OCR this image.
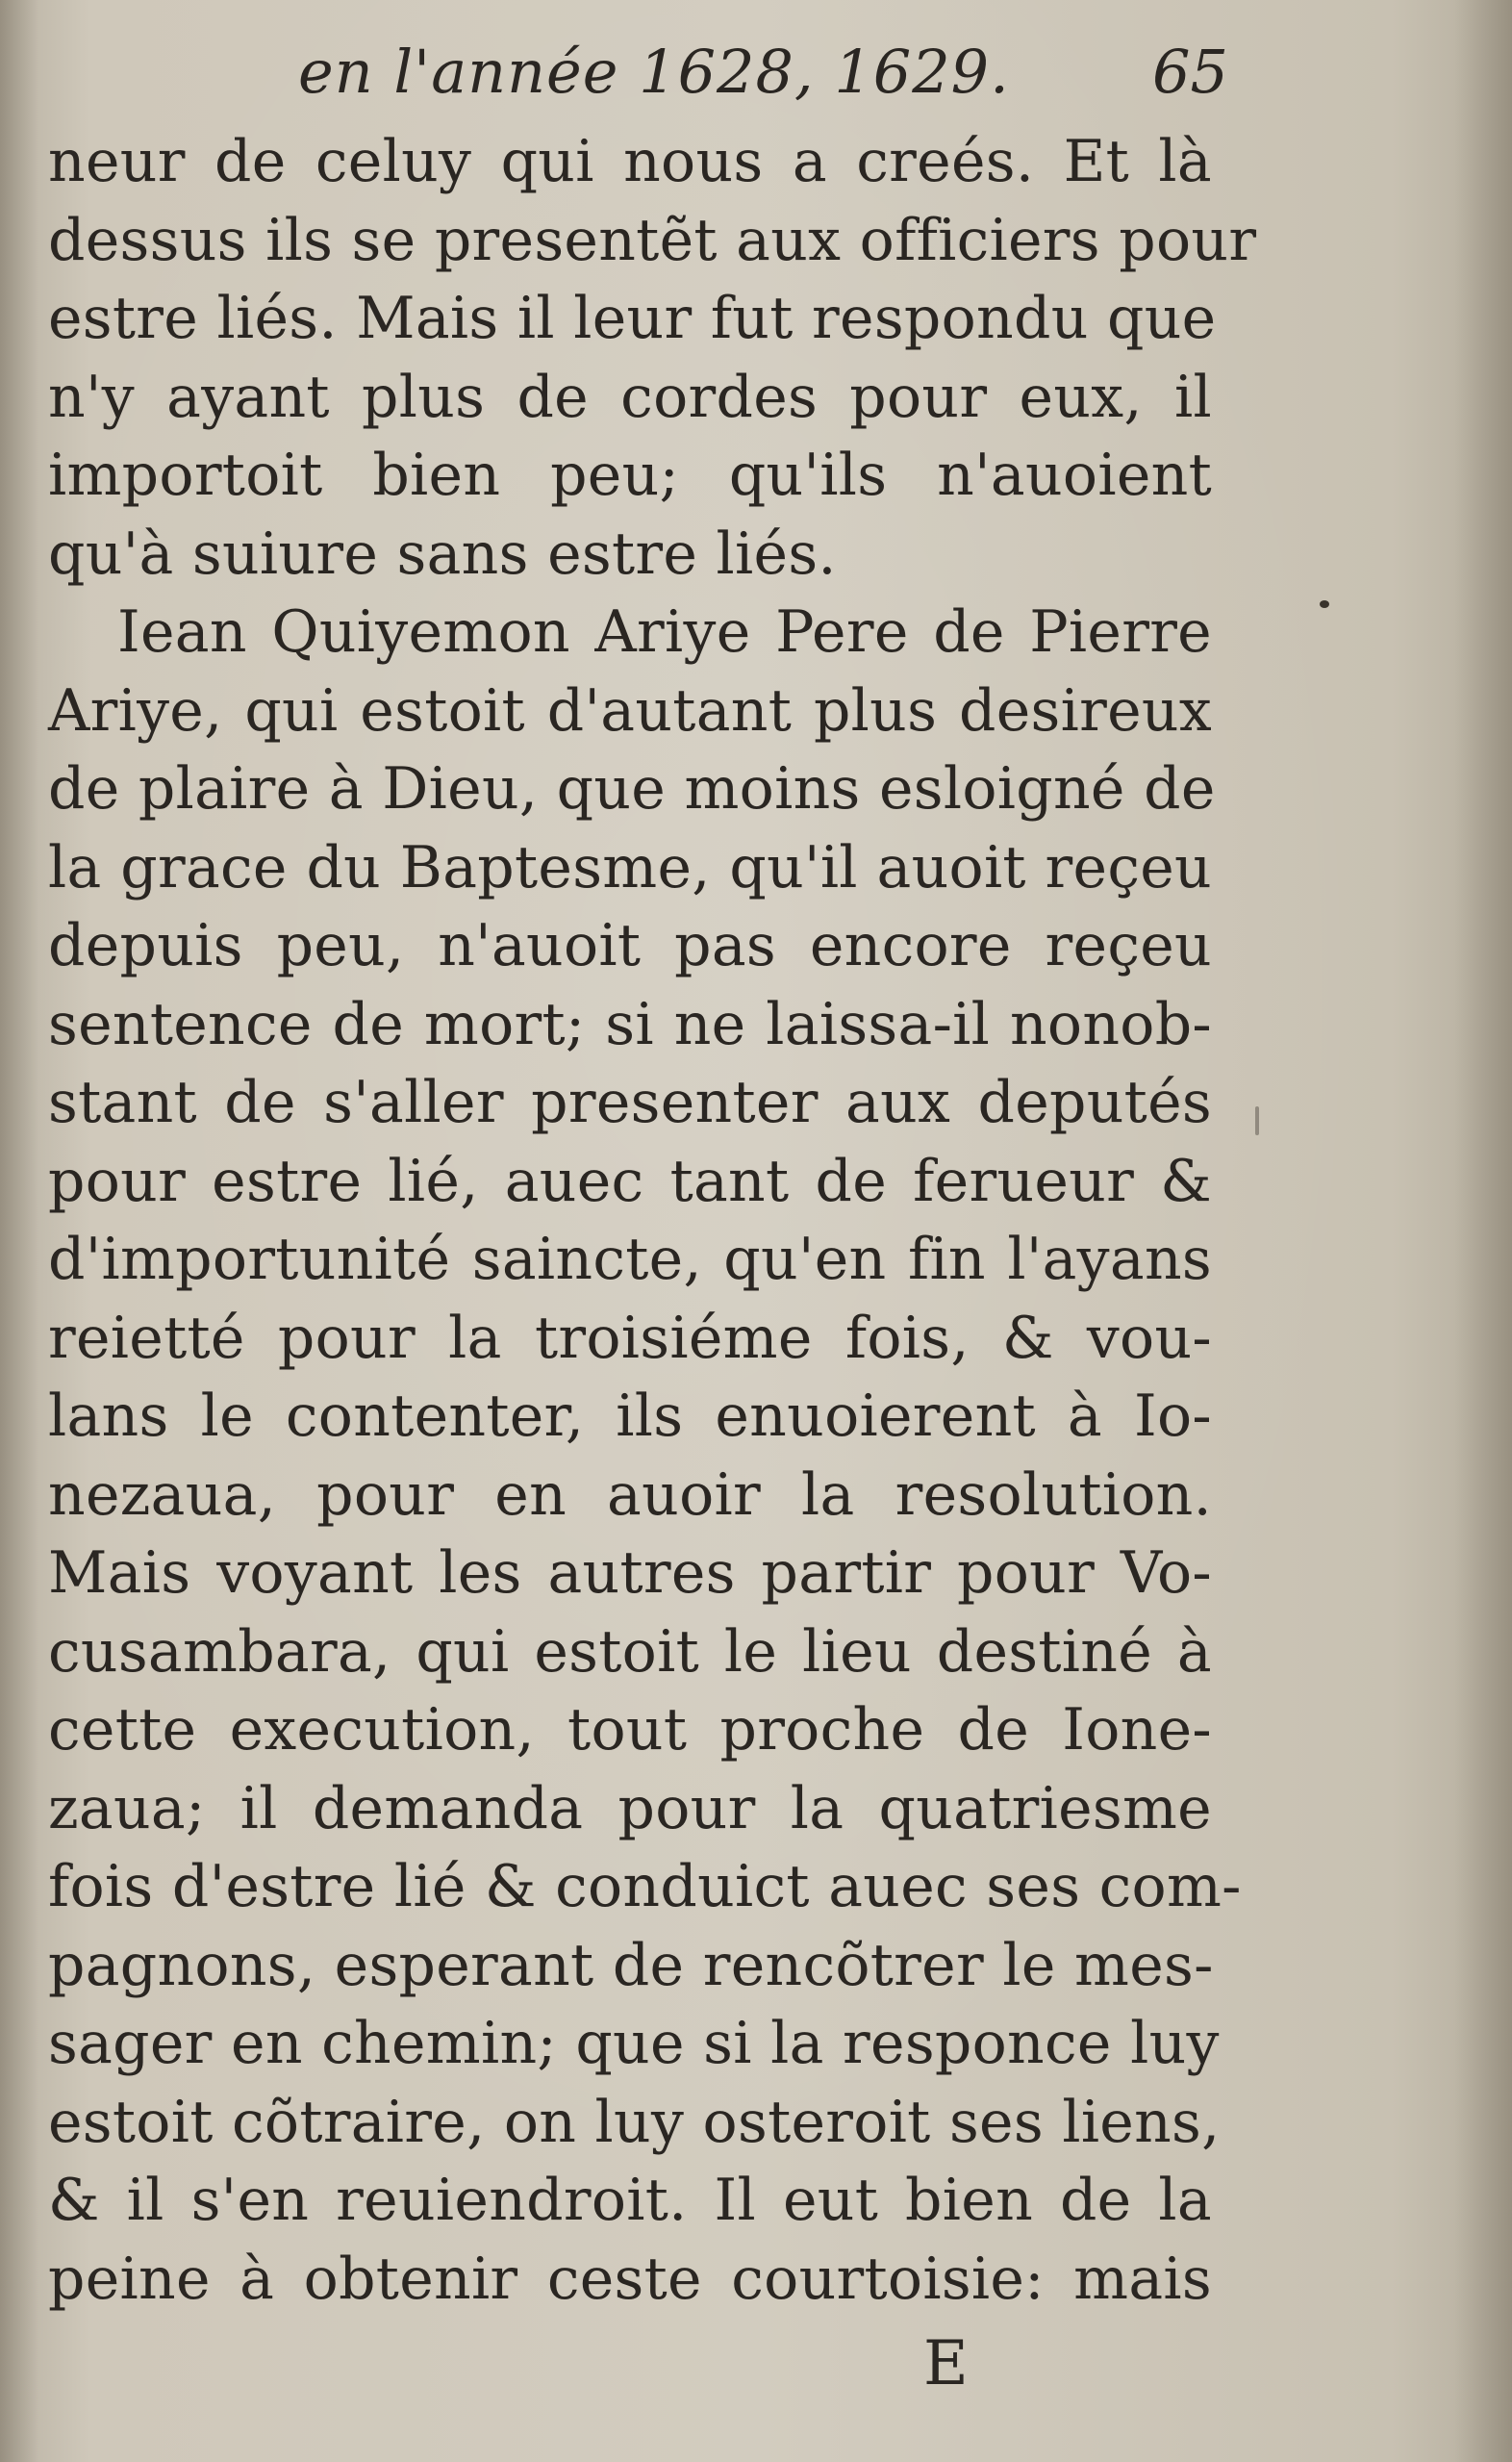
en l'année 1628, 1629. 65
neur de celuy qui nous a creés. Et là
dessus ils se presentẽt aux officiers pour
estre liés. Mais il leur fut respondu que
n'y ayant plus de cordes pour eux, il
importoit bien peu; qu'ils n'auoient
qu'à suiure sans estre liés.
Iean Quiyemon Ariye Pere de Pierre
Ariye, qui estoit d'autant plus desireux
de plaire à Dieu, que moins esloigné de
la grace du Baptesme, qu'il auoit reçeu
depuis peu, n'auoit pas encore reçeu
sentence de mort; si ne laissa-il nonob-
stant de s'aller presenter aux deputés
pour estre lié, auec tant de ferueur &
d'importunité saincte, qu'en fin l'ayans
reietté pour la troisiéme fois, & vou-
lans le contenter, ils enuoierent à Io-
nezaua, pour en auoir la resolution.
Mais voyant les autres partir pour Vo-
cusambara, qui estoit le lieu destiné à
cette execution, tout proche de Ione-
zaua; il demanda pour la quatriesme
fois d'estre lié & conduict auec ses com-
pagnons, esperant de rencõtrer le mes-
sager en chemin; que si la responce luy
estoit cõtraire, on luy osteroit ses liens,
& il s'en reuiendroit. Il eut bien de la
peine à obtenir ceste courtoisie: mais
E
